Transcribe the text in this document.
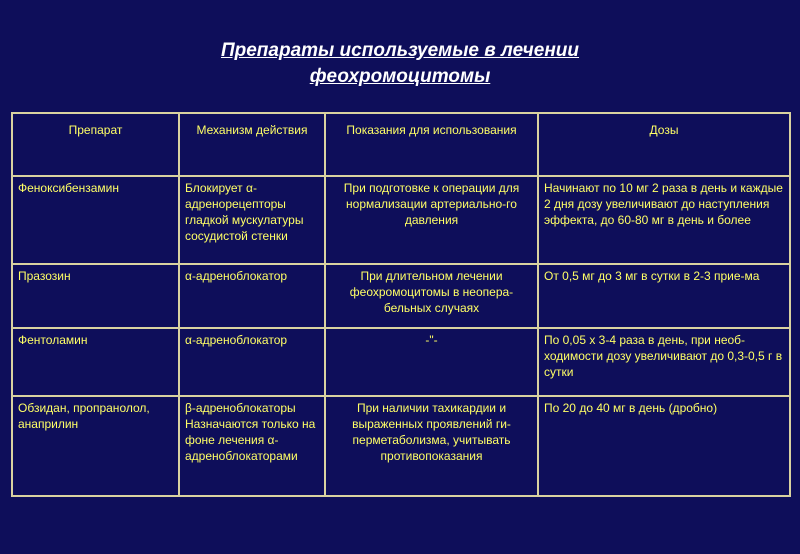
Препараты используемые в лечении
феохромоцитомы
Препарат	Механизм действия	Показания для использования	Дозы
Феноксибензамин	Блокирует α-адренорецепторы гладкой мускулатуры сосудистой стенки	При подготовке к операции для нормализации артериально-го давления	Начинают по 10 мг 2 раза в день и каждые 2 дня дозу увеличивают до наступления эффекта, до 60-80 мг в день и более
Празозин	α-адреноблокатор	При длительном лечении феохромоцитомы в неопера-бельных случаях	От 0,5 мг до 3 мг в сутки в 2-3 прие-ма
Фентоламин	α-адреноблокатор	-"-	По 0,05 х 3-4 раза в день, при необ-ходимости дозу увеличивают до 0,3-0,5 г в сутки
Обзидан, пропранолол, анаприлин	β-адреноблокаторы Назначаются только на фоне лечения α-адреноблокаторами	При наличии тахикардии и выраженных проявлений ги-перметаболизма, учитывать противопоказания	По 20 до 40 мг в день (дробно)
